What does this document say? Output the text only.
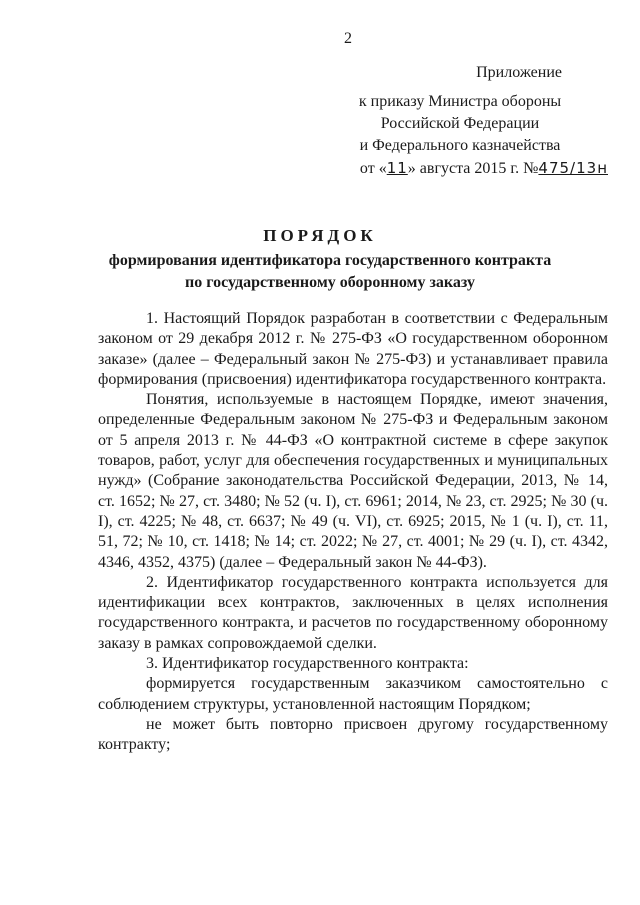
2
Приложение
к приказу Министра обороны
Российской Федерации
и Федерального казначейства
от «11» августа 2015 г. №475/13н
ПОРЯДОК
формирования идентификатора государственного контракта
по государственному оборонному заказу

1. Настоящий Порядок разработан в соответствии с Федеральным законом от 29 декабря 2012 г. № 275-ФЗ «О государственном оборонном заказе» (далее – Федеральный закон № 275-ФЗ) и устанавливает правила формирования (присвоения) идентификатора государственного контракта.

Понятия, используемые в настоящем Порядке, имеют значения, определенные Федеральным законом № 275-ФЗ и Федеральным законом от 5 апреля 2013 г. № 44-ФЗ «О контрактной системе в сфере закупок товаров, работ, услуг для обеспечения государственных и муниципальных нужд» (Собрание законодательства Российской Федерации, 2013, № 14, ст. 1652; № 27, ст. 3480; № 52 (ч. I), ст. 6961; 2014, № 23, ст. 2925; № 30 (ч. I), ст. 4225; № 48, ст. 6637; № 49 (ч. VI), ст. 6925; 2015, № 1 (ч. I), ст. 11, 51, 72; № 10, ст. 1418; № 14; ст. 2022; № 27, ст. 4001; № 29 (ч. I), ст. 4342, 4346, 4352, 4375) (далее – Федеральный закон № 44-ФЗ).

2. Идентификатор государственного контракта используется для идентификации всех контрактов, заключенных в целях исполнения государственного контракта, и расчетов по государственному оборонному заказу в рамках сопровождаемой сделки.

3. Идентификатор государственного контракта:

формируется государственным заказчиком самостоятельно с соблюдением структуры, установленной настоящим Порядком;

не может быть повторно присвоен другому государственному контракту;
